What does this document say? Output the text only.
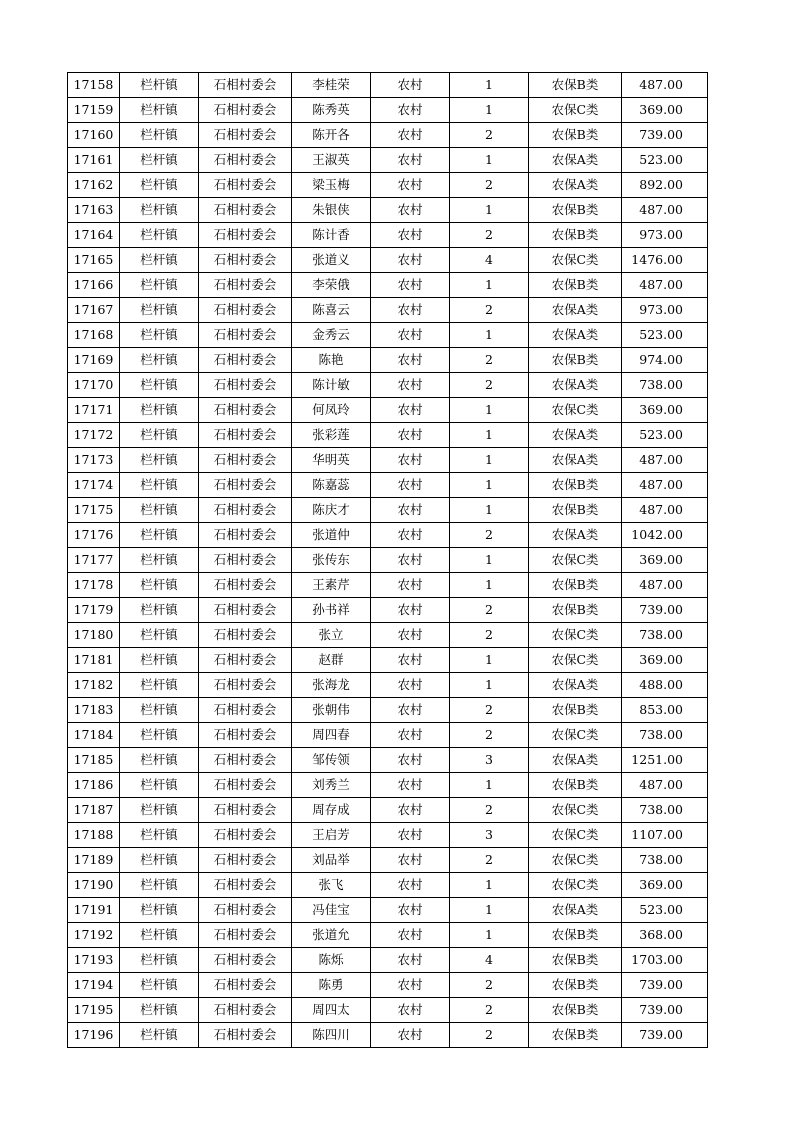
17158	栏杆镇	石相村委会	李桂荣	农村	1	农保B类	487.00
17159	栏杆镇	石相村委会	陈秀英	农村	1	农保C类	369.00
17160	栏杆镇	石相村委会	陈开各	农村	2	农保B类	739.00
17161	栏杆镇	石相村委会	王淑英	农村	1	农保A类	523.00
17162	栏杆镇	石相村委会	梁玉梅	农村	2	农保A类	892.00
17163	栏杆镇	石相村委会	朱银侠	农村	1	农保B类	487.00
17164	栏杆镇	石相村委会	陈计香	农村	2	农保B类	973.00
17165	栏杆镇	石相村委会	张道义	农村	4	农保C类	1476.00
17166	栏杆镇	石相村委会	李荣俄	农村	1	农保B类	487.00
17167	栏杆镇	石相村委会	陈喜云	农村	2	农保A类	973.00
17168	栏杆镇	石相村委会	金秀云	农村	1	农保A类	523.00
17169	栏杆镇	石相村委会	陈艳	农村	2	农保B类	974.00
17170	栏杆镇	石相村委会	陈计敏	农村	2	农保A类	738.00
17171	栏杆镇	石相村委会	何凤玲	农村	1	农保C类	369.00
17172	栏杆镇	石相村委会	张彩莲	农村	1	农保A类	523.00
17173	栏杆镇	石相村委会	华明英	农村	1	农保A类	487.00
17174	栏杆镇	石相村委会	陈嘉蕊	农村	1	农保B类	487.00
17175	栏杆镇	石相村委会	陈庆才	农村	1	农保B类	487.00
17176	栏杆镇	石相村委会	张道仲	农村	2	农保A类	1042.00
17177	栏杆镇	石相村委会	张传东	农村	1	农保C类	369.00
17178	栏杆镇	石相村委会	王素芹	农村	1	农保B类	487.00
17179	栏杆镇	石相村委会	孙书祥	农村	2	农保B类	739.00
17180	栏杆镇	石相村委会	张立	农村	2	农保C类	738.00
17181	栏杆镇	石相村委会	赵群	农村	1	农保C类	369.00
17182	栏杆镇	石相村委会	张海龙	农村	1	农保A类	488.00
17183	栏杆镇	石相村委会	张朝伟	农村	2	农保B类	853.00
17184	栏杆镇	石相村委会	周四春	农村	2	农保C类	738.00
17185	栏杆镇	石相村委会	邹传领	农村	3	农保A类	1251.00
17186	栏杆镇	石相村委会	刘秀兰	农村	1	农保B类	487.00
17187	栏杆镇	石相村委会	周存成	农村	2	农保C类	738.00
17188	栏杆镇	石相村委会	王启芳	农村	3	农保C类	1107.00
17189	栏杆镇	石相村委会	刘品举	农村	2	农保C类	738.00
17190	栏杆镇	石相村委会	张飞	农村	1	农保C类	369.00
17191	栏杆镇	石相村委会	冯佳宝	农村	1	农保A类	523.00
17192	栏杆镇	石相村委会	张道允	农村	1	农保B类	368.00
17193	栏杆镇	石相村委会	陈烁	农村	4	农保B类	1703.00
17194	栏杆镇	石相村委会	陈勇	农村	2	农保B类	739.00
17195	栏杆镇	石相村委会	周四太	农村	2	农保B类	739.00
17196	栏杆镇	石相村委会	陈四川	农村	2	农保B类	739.00
